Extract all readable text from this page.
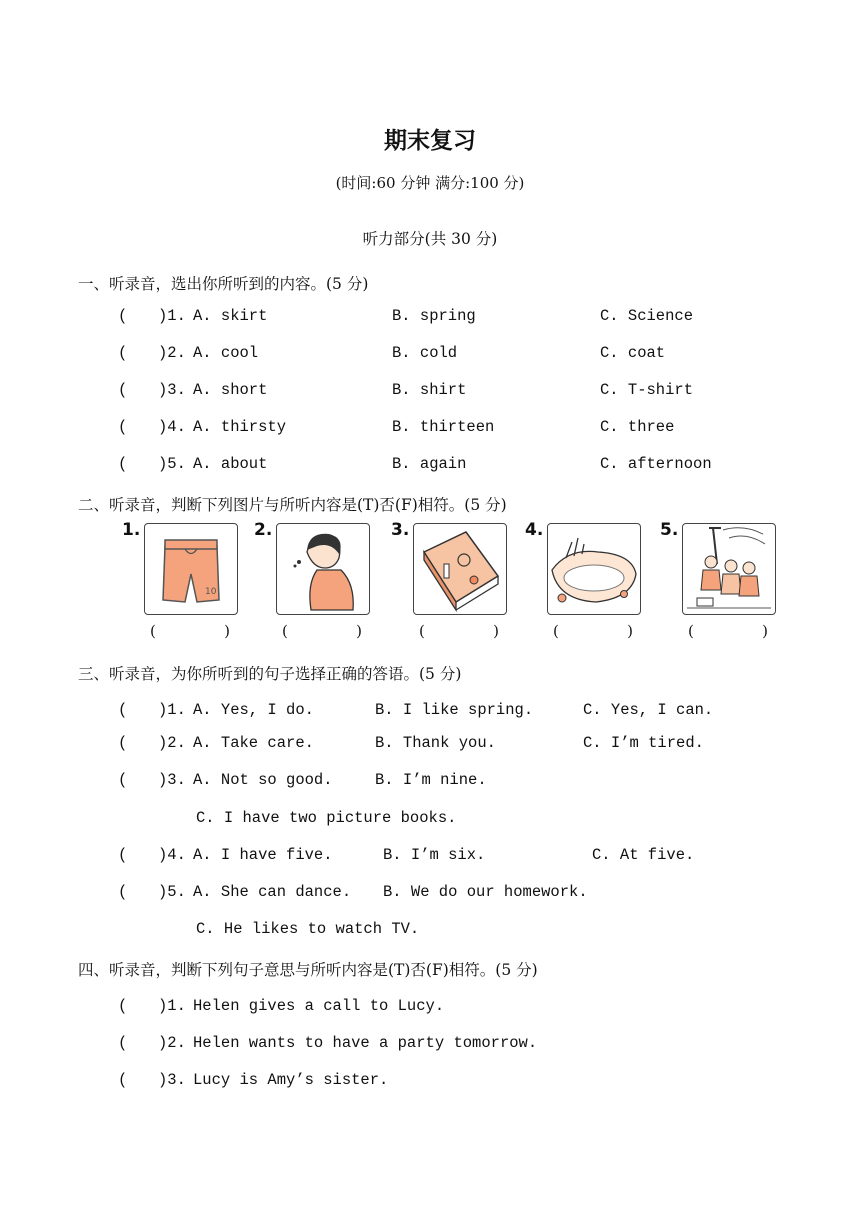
期末复习
(时间:60 分钟 满分:100 分)
听力部分(共 30 分)
一、听录音，选出你所听到的内容。(5 分)
( )1. A. skirt	B. spring	C. Science
( )2. A. cool	B. cold	C. coat
( )3. A. short	B. shirt	C. T-shirt
( )4. A. thirsty	B. thirteen	C. three
( )5. A. about	B. again	C. afternoon
二、听录音，判断下列图片与所听内容是(T)否(F)相符。(5 分)
1.
10
(	)
2.
(	)
3.
(	)
4.
(	)
5.
(	)
三、听录音，为你所听到的句子选择正确的答语。(5 分)
( )1. A. Yes, I do.	B. I like spring.	C. Yes, I can.
( )2. A. Take care.	B. Thank you.	C. I’m tired.
( )3. A. Not so good.	B. I’m nine.
C. I have two picture books.
( )4. A. I have five.	B. I’m six.	C. At five.
( )5. A. She can dance. B. We do our homework.
C. He likes to watch TV.
四、听录音，判断下列句子意思与所听内容是(T)否(F)相符。(5 分)
( )1. Helen gives a call to Lucy.
( )2. Helen wants to have a party tomorrow.
( )3. Lucy is Amy’s sister.
